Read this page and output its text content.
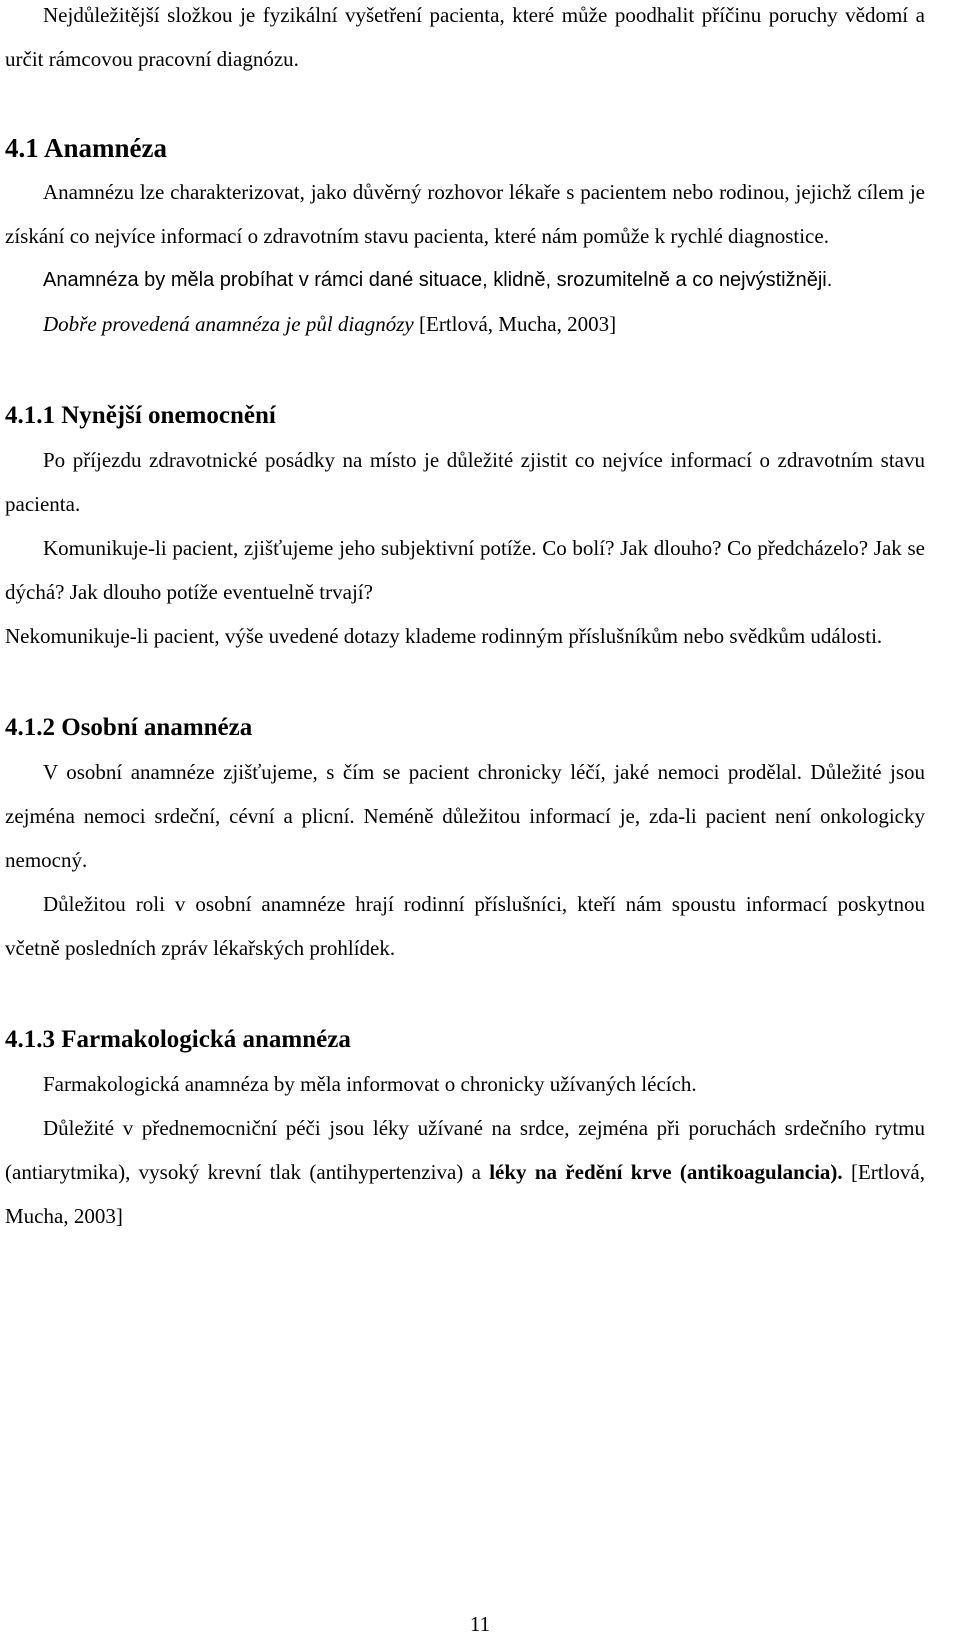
Nejdůležitější složkou je fyzikální vyšetření pacienta, které může poodhalit příčinu poruchy vědomí a určit rámcovou pracovní diagnózu.

4.1 Anamnéza

Anamnézu lze charakterizovat, jako důvěrný rozhovor lékaře s pacientem nebo rodinou, jejichž cílem je získání co nejvíce informací o zdravotním stavu pacienta, které nám pomůže k rychlé diagnostice.

Anamnéza by měla probíhat v rámci dané situace, klidně, srozumitelně a co nejvýstižněji.

Dobře provedená anamnéza je půl diagnózy [Ertlová, Mucha, 2003]

4.1.1 Nynější onemocnění

Po příjezdu zdravotnické posádky na místo je důležité zjistit co nejvíce informací o zdravotním stavu pacienta.

Komunikuje-li pacient, zjišťujeme jeho subjektivní potíže. Co bolí? Jak dlouho? Co předcházelo? Jak se dýchá? Jak dlouho potíže eventuelně trvají?

Nekomunikuje-li pacient, výše uvedené dotazy klademe rodinným příslušníkům nebo svědkům události.

4.1.2 Osobní anamnéza

V osobní anamnéze zjišťujeme, s čím se pacient chronicky léčí, jaké nemoci prodělal. Důležité jsou zejména nemoci srdeční, cévní a plicní. Neméně důležitou informací je, zda-li pacient není onkologicky nemocný.

Důležitou roli v osobní anamnéze hrají rodinní příslušníci, kteří nám spoustu informací poskytnou včetně posledních zpráv lékařských prohlídek.

4.1.3 Farmakologická anamnéza

Farmakologická anamnéza by měla informovat o chronicky užívaných lécích.

Důležité v přednemocniční péči jsou léky užívané na srdce, zejména při poruchách srdečního rytmu (antiarytmika), vysoký krevní tlak (antihypertenziva) a léky na ředění krve (antikoagulancia). [Ertlová, Mucha, 2003]

11
